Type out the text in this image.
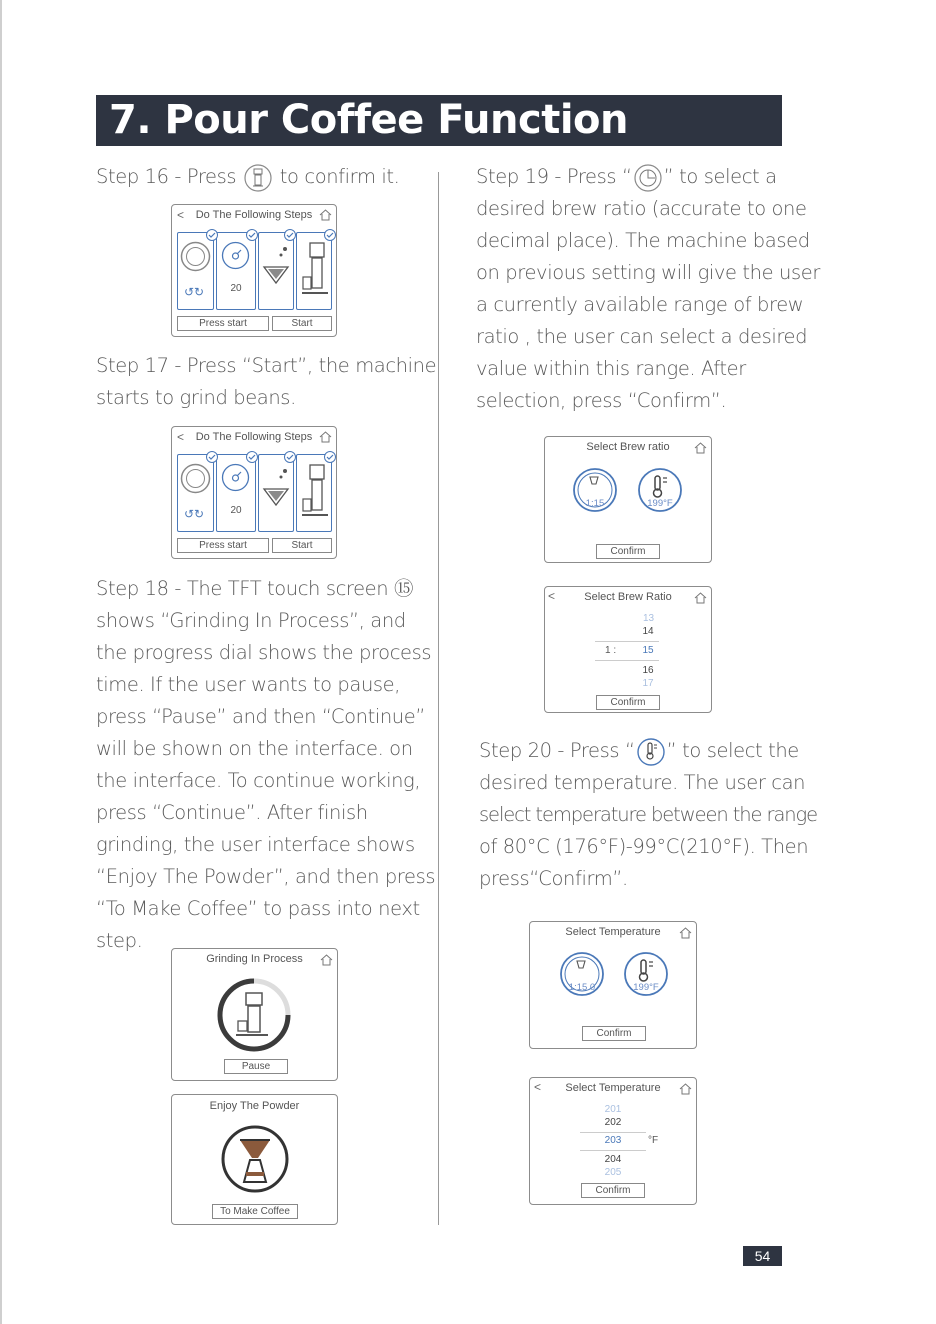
7. Pour Coffee Function

Step 16 - Press to confirm it.

<	Do The Following Steps
↺↻	20
Press start	Start

Step 17 - Press “Start”, the machine
starts to grind beans.

<	Do The Following Steps
↺↻	20
Press start	Start

Step 18 - The TFT touch screen ⑮
shows “Grinding In Process”, and
the progress dial shows the process
time. If the user wants to pause,
press “Pause” and then “Continue”
will be shown on the interface. on
the interface. To continue working,
press “Continue”. After finish
grinding, the user interface shows
“Enjoy The Powder”, and then press
“To Make Coffee” to pass into next
step.

Grinding In Process
Pause
Enjoy The Powder
To Make Coffee

Step 19 - Press “ ” to select a
desired brew ratio (accurate to one
decimal place). The machine based
on previous setting will give the user
a currently available range of brew
ratio , the user can select a desired
value within this range. After
selection, press “Confirm”.

Select Brew ratio
1:15	199°F
Confirm
<	Select Brew Ratio
13
14
1 :	15
16
17
Confirm

Step 20 - Press “ ” to select the
desired temperature. The user can
select temperature between the range
of 80°C (176°F)-99°C(210°F). Then
press“Confirm”.

Select Temperature
1:15.0	199°F
Confirm
<	Select Temperature
201
202
203	°F
204
205
Confirm
54
